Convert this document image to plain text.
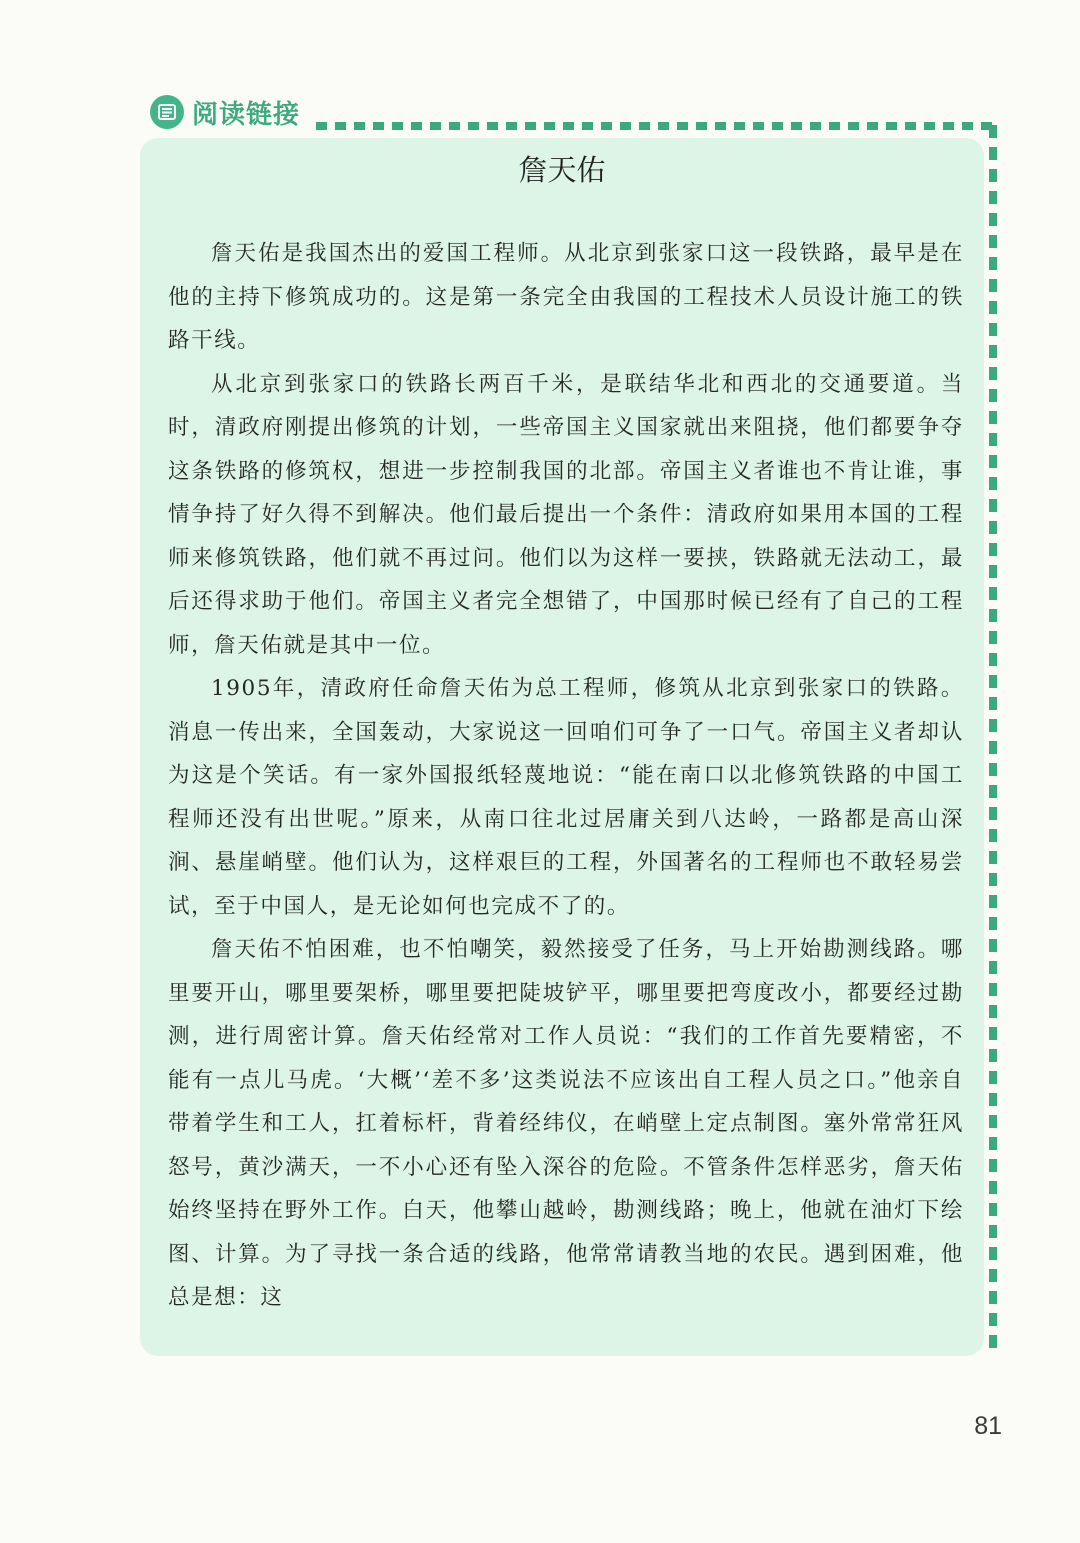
阅读链接
詹天佑

詹天佑是我国杰出的爱国工程师。从北京到张家口这一段铁路，最早是在他的主持下修筑成功的。这是第一条完全由我国的工程技术人员设计施工的铁路干线。

从北京到张家口的铁路长两百千米，是联结华北和西北的交通要道。当时，清政府刚提出修筑的计划，一些帝国主义国家就出来阻挠，他们都要争夺这条铁路的修筑权，想进一步控制我国的北部。帝国主义者谁也不肯让谁，事情争持了好久得不到解决。他们最后提出一个条件：清政府如果用本国的工程师来修筑铁路，他们就不再过问。他们以为这样一要挟，铁路就无法动工，最后还得求助于他们。帝国主义者完全想错了，中国那时候已经有了自己的工程师，詹天佑就是其中一位。

1905年，清政府任命詹天佑为总工程师，修筑从北京到张家口的铁路。消息一传出来，全国轰动，大家说这一回咱们可争了一口气。帝国主义者却认为这是个笑话。有一家外国报纸轻蔑地说：“能在南口以北修筑铁路的中国工程师还没有出世呢。”原来，从南口往北过居庸关到八达岭，一路都是高山深涧、悬崖峭壁。他们认为，这样艰巨的工程，外国著名的工程师也不敢轻易尝试，至于中国人，是无论如何也完成不了的。

詹天佑不怕困难，也不怕嘲笑，毅然接受了任务，马上开始勘测线路。哪里要开山，哪里要架桥，哪里要把陡坡铲平，哪里要把弯度改小，都要经过勘测，进行周密计算。詹天佑经常对工作人员说：“我们的工作首先要精密，不能有一点儿马虎。‘大概’‘差不多’这类说法不应该出自工程人员之口。”他亲自带着学生和工人，扛着标杆，背着经纬仪，在峭壁上定点制图。塞外常常狂风怒号，黄沙满天，一不小心还有坠入深谷的危险。不管条件怎样恶劣，詹天佑始终坚持在野外工作。白天，他攀山越岭，勘测线路；晚上，他就在油灯下绘图、计算。为了寻找一条合适的线路，他常常请教当地的农民。遇到困难，他总是想：这

81
